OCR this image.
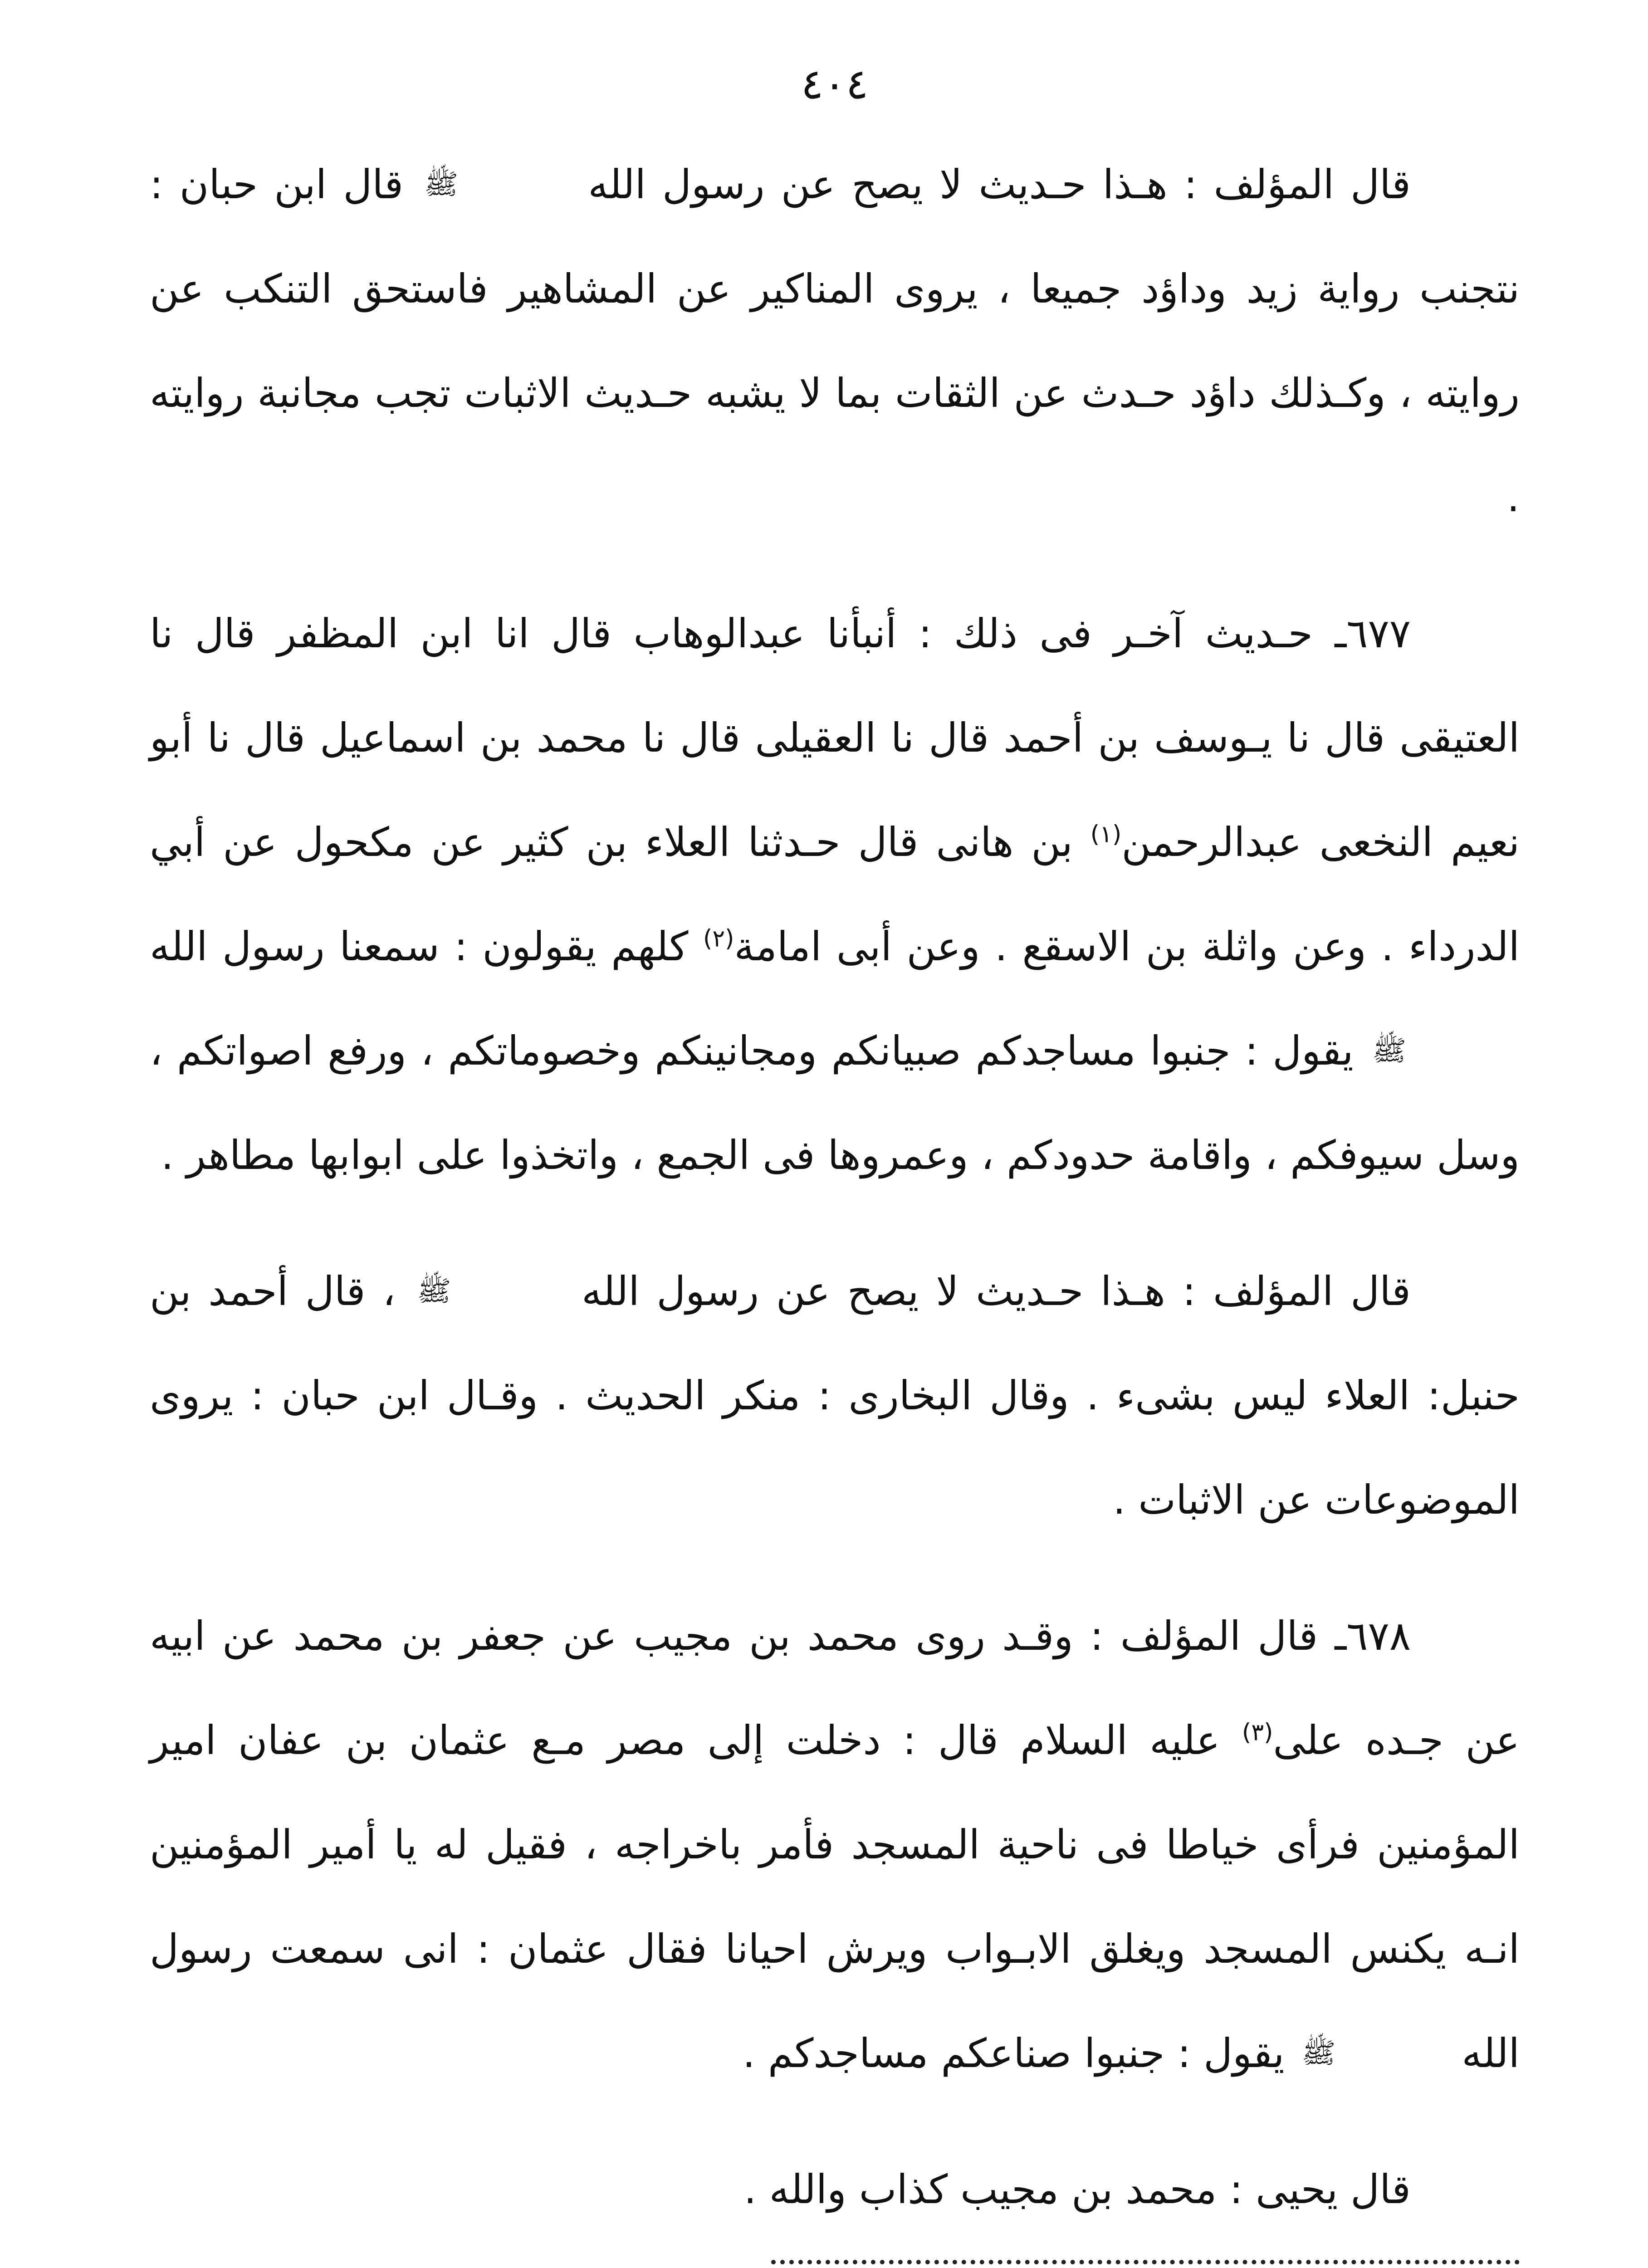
٤٠٤

قال المؤلف : هـذا حـديث لا يصح عن رسول الله ﷺ قال ابن حبان : نتجنب رواية زيد وداؤد جميعا ، يروى المناكير عن المشاهير فاستحق التنكب عن روايته ، وكـذلك داؤد حـدث عن الثقات بما لا يشبه حـديث الاثبات تجب مجانبة روايته .

٦٧٧ـ حـديث آخـر فى ذلك : أنبأنا عبدالوهاب قال انا ابن المظفر قال نا العتيقى قال نا يـوسف بن أحمد قال نا العقيلى قال نا محمد بن اسماعيل قال نا أبو نعيم النخعى عبدالرحمن$^{(١)}$ بن هانى قال حـدثنا العلاء بن كثير عن مكحول عن أبي الدرداء . وعن واثلة بن الاسقع . وعن أبى امامة$^{(٢)}$ كلهم يقولون : سمعنا رسول الله ﷺ يقول : جنبوا مساجدكم صبيانكم ومجانينكم وخصوماتكم ، ورفع اصواتكم ، وسل سيوفكم ، واقامة حدودكم ، وعمروها فى الجمع ، واتخذوا على ابوابها مطاهر .

قال المؤلف : هـذا حـديث لا يصح عن رسول الله ﷺ ، قال أحمد بن حنبل: العلاء ليس بشىء . وقال البخارى : منكر الحديث . وقـال ابن حبان : يروى الموضوعات عن الاثبات .

٦٧٨ـ قال المؤلف : وقـد روى محمد بن مجيب عن جعفر بن محمد عن ابيه عن جـده على$^{(٣)}$ عليه السلام قال : دخلت إلى مصر مـع عثمان بن عفان امير المؤمنين فرأى خياطا فى ناحية المسجد فأمر باخراجه ، فقيل له يا أمير المؤمنين انـه يكنس المسجد ويغلق الابـواب ويرش احيانا فقال عثمان : انى سمعت رسول الله ﷺ يقول : جنبوا صناعكم مساجدكم .

قال يحيى : محمد بن مجيب كذاب والله .
